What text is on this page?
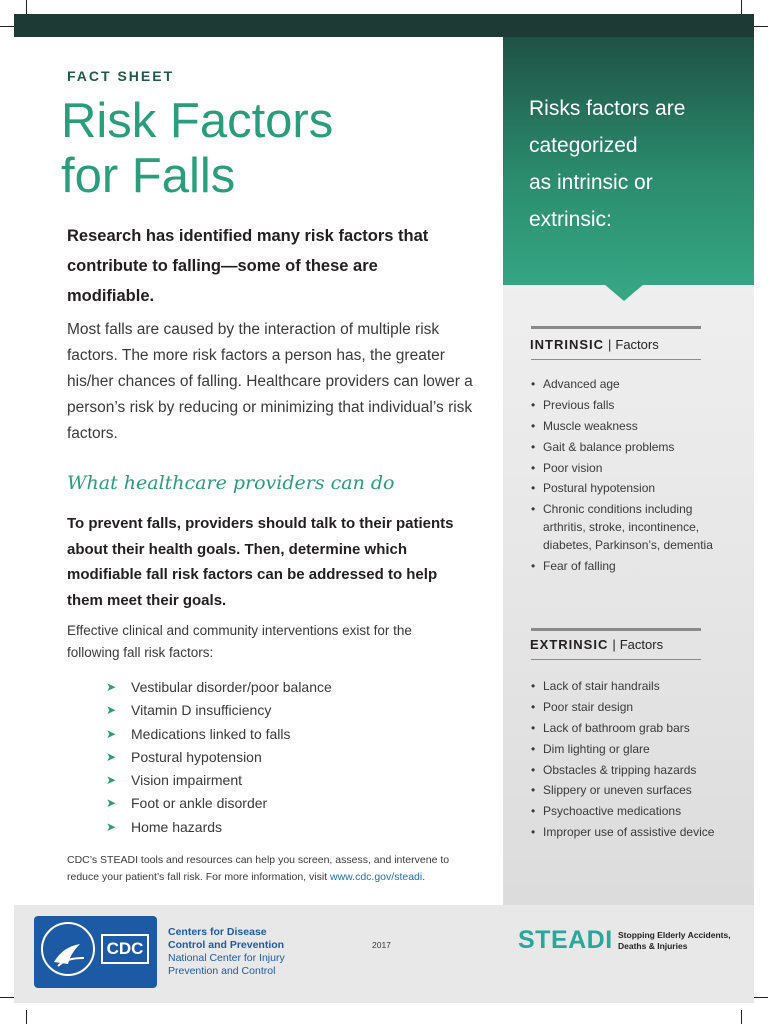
FACT SHEET
Risk Factors
for Falls
Research has identified many risk factors that contribute to falling—some of these are modifiable.
Most falls are caused by the interaction of multiple risk factors. The more risk factors a person has, the greater his/her chances of falling. Healthcare providers can lower a person’s risk by reducing or minimizing that individual’s risk factors.
What healthcare providers can do
To prevent falls, providers should talk to their patients about their health goals. Then, determine which modifiable fall risk factors can be addressed to help them meet their goals.
Effective clinical and community interventions exist for the following fall risk factors:
➤ Vestibular disorder/poor balance
➤ Vitamin D insufficiency
➤ Medications linked to falls
➤ Postural hypotension
➤ Vision impairment
➤ Foot or ankle disorder
➤ Home hazards
CDC’s STEADI tools and resources can help you screen, assess, and intervene to reduce your patient’s fall risk. For more information, visit www.cdc.gov/steadi.
Risks factors are
categorized
as intrinsic or
extrinsic:
INTRINSIC | Factors
• Advanced age
• Previous falls
• Muscle weakness
• Gait & balance problems
• Poor vision
• Postural hypotension
• Chronic conditions including arthritis, stroke, incontinence, diabetes, Parkinson’s, dementia
• Fear of falling
EXTRINSIC | Factors
• Lack of stair handrails
• Poor stair design
• Lack of bathroom grab bars
• Dim lighting or glare
• Obstacles & tripping hazards
• Slippery or uneven surfaces
• Psychoactive medications
• Improper use of assistive device
CDC
Centers for Disease
Control and Prevention
National Center for Injury
Prevention and Control
2017	STEADI Stopping Elderly Accidents, Deaths & Injuries
